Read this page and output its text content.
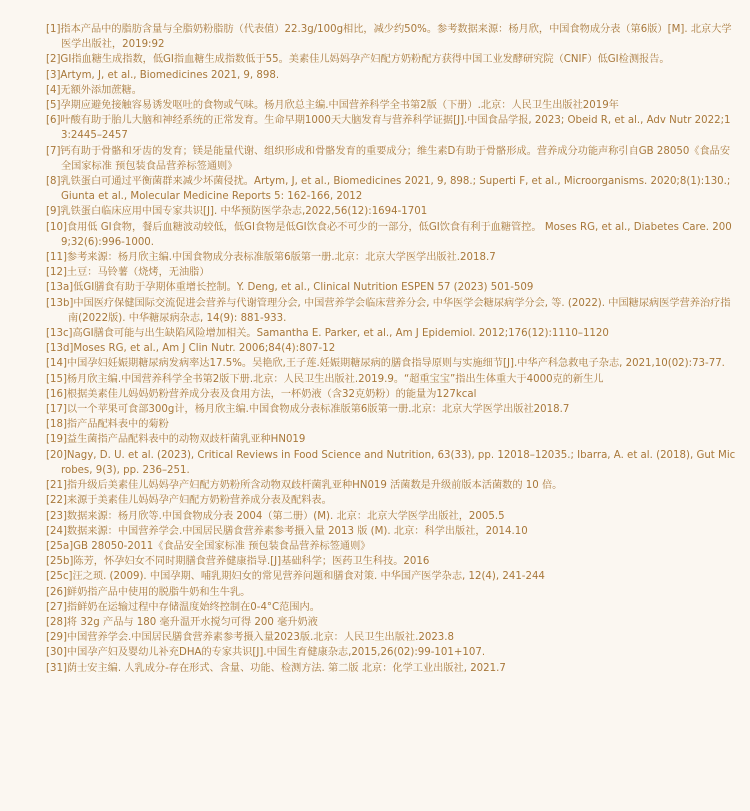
[1]指本产品中的脂肪含量与全脂奶粉脂肪（代表值）22.3g/100g相比，减少约50%。参考数据来源：杨月欣，中国食物成分表（第6版）[M]. 北京大学医学出版社，2019:92
[2]GI指血糖生成指数，低GI指血糖生成指数低于55。美素佳儿妈妈孕产妇配方奶粉配方获得中国工业发酵研究院（CNIF）低GI检测报告。
[3]Artym, J, et al., Biomedicines 2021, 9, 898.
[4]无额外添加蔗糖。
[5]孕期应避免接触容易诱发呕吐的食物或气味。杨月欣总主编.中国营养科学全书第2版（下册）.北京：人民卫生出版社2019年
[6]叶酸有助于胎儿大脑和神经系统的正常发育。生命早期1000天大脑发育与营养科学证据[J].中国食品学报, 2023; Obeid R, et al., Adv Nutr 2022;13:2445–2457
[7]钙有助于骨骼和牙齿的发育；镁是能量代谢、组织形成和骨骼发育的重要成分；维生素D有助于骨骼形成。营养成分功能声称引自GB 28050《食品安全国家标准 预包装食品营养标签通则》
[8]乳铁蛋白可通过平衡菌群来减少坏菌侵扰。Artym, J, et al., Biomedicines 2021, 9, 898.; Superti F, et al., Microorganisms. 2020;8(1):130.; Giunta et al., Molecular Medicine Reports 5: 162-166, 2012
[9]乳铁蛋白临床应用中国专家共识[J]. 中华预防医学杂志,2022,56(12):1694-1701
[10]食用低 GI食物，餐后血糖波动较低，低GI食物是低GI饮食必不可少的一部分，低GI饮食有利于血糖管控。 Moses RG, et al., Diabetes Care. 2009;32(6):996-1000.
[11]参考来源：杨月欣主编.中国食物成分表标准版第6版第一册.北京：北京大学医学出版社.2018.7
[12]土豆：马铃薯（烧烤，无油脂）
[13a]低GI膳食有助于孕期体重增长控制。Y. Deng, et al., Clinical Nutrition ESPEN 57 (2023) 501-509
[13b]中国医疗保健国际交流促进会营养与代谢管理分会, 中国营养学会临床营养分会, 中华医学会糖尿病学分会, 等. (2022). 中国糖尿病医学营养治疗指南(2022版). 中华糖尿病杂志, 14(9): 881-933.
[13c]高GI膳食可能与出生缺陷风险增加相关。Samantha E. Parker, et al., Am J Epidemiol. 2012;176(12):1110–1120
[13d]Moses RG, et al., Am J Clin Nutr. 2006;84(4):807-12
[14]中国孕妇妊娠期糖尿病发病率达17.5%。吴艳欣,王子莲.妊娠期糖尿病的膳食指导原则与实施细节[J].中华产科急救电子杂志, 2021,10(02):73-77.
[15]杨月欣主编.中国营养科学全书第2版下册.北京：人民卫生出版社.2019.9。“超重宝宝”指出生体重大于4000克的新生儿
[16]根据美素佳儿妈妈奶粉营养成分表及食用方法，一杯奶液（含32克奶粉）的能量为127kcal
[17]以一个苹果可食部300g计，杨月欣主编.中国食物成分表标准版第6版第一册.北京：北京大学医学出版社2018.7
[18]指产品配料表中的菊粉
[19]益生菌指产品配料表中的动物双歧杆菌乳亚种HN019
[20]Nagy, D. U. et al. (2023), Critical Reviews in Food Science and Nutrition, 63(33), pp. 12018–12035.; Ibarra, A. et al. (2018), Gut Microbes, 9(3), pp. 236–251.
[21]指升级后美素佳儿妈妈孕产妇配方奶粉所含动物双歧杆菌乳亚种HN019 活菌数是升级前版本活菌数的 10 倍。
[22]来源于美素佳儿妈妈孕产妇配方奶粉营养成分表及配料表。
[23]数据来源：杨月欣等.中国食物成分表 2004（第二册）(M). 北京：北京大学医学出版社，2005.5
[24]数据来源：中国营养学会.中国居民膳食营养素参考摄入量 2013 版 (M). 北京：科学出版社，2014.10
[25a]GB 28050-2011《食品安全国家标准 预包装食品营养标签通则》
[25b]陈芳，怀孕妇女不同时期膳食营养健康指导.[J]基础科学；医药卫生科技。2016
[25c]汪之顼. (2009). 中国孕期、哺乳期妇女的常见营养问题和膳食对策. 中华国产医学杂志, 12(4), 241-244
[26]鲜奶指产品中使用的脱脂牛奶和生牛乳。
[27]指鲜奶在运输过程中存储温度始终控制在0-4°C范围内。
[28]将 32g 产品与 180 毫升温开水搅匀可得 200 毫升奶液
[29]中国营养学会.中国居民膳食营养素参考摄入量2023版.北京：人民卫生出版社.2023.8
[30]中国孕产妇及婴幼儿补充DHA的专家共识[J].中国生育健康杂志,2015,26(02):99-101+107.
[31]荫士安主编. 人乳成分-存在形式、含量、功能、检测方法. 第二版 北京：化学工业出版社, 2021.7
